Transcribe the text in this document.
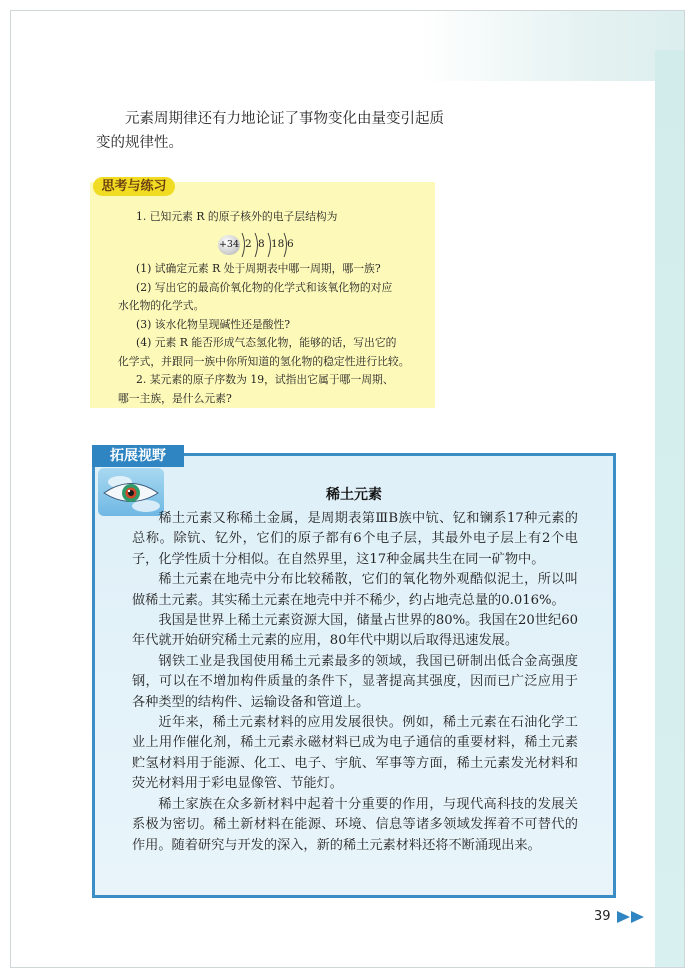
元素周期律还有力地论证了事物变化由量变引起质变的规律性。

思考与练习
1. 已知元素 R 的原子核外的电子层结构为
+34 2 8 18 6
(1) 试确定元素 R 处于周期表中哪一周期，哪一族?
(2) 写出它的最高价氧化物的化学式和该氧化物的对应
水化物的化学式。
(3) 该水化物呈现碱性还是酸性?
(4) 元素 R 能否形成气态氢化物，能够的话，写出它的
化学式，并跟同一族中你所知道的氢化物的稳定性进行比较。
2. 某元素的原子序数为 19，试指出它属于哪一周期、
哪一主族，是什么元素?
拓展视野
稀土元素

稀土元素又称稀土金属，是周期表第ⅢB族中钪、钇和镧系17种元素的总称。除钪、钇外，它们的原子都有6个电子层，其最外电子层上有2个电子，化学性质十分相似。在自然界里，这17种金属共生在同一矿物中。

稀土元素在地壳中分布比较稀散，它们的氧化物外观酷似泥土，所以叫做稀土元素。其实稀土元素在地壳中并不稀少，约占地壳总量的0.016%。

我国是世界上稀土元素资源大国，储量占世界的80%。我国在20世纪60年代就开始研究稀土元素的应用，80年代中期以后取得迅速发展。

钢铁工业是我国使用稀土元素最多的领域，我国已研制出低合金高强度钢，可以在不增加构件质量的条件下，显著提高其强度，因而已广泛应用于各种类型的结构件、运输设备和管道上。

近年来，稀土元素材料的应用发展很快。例如，稀土元素在石油化学工业上用作催化剂，稀土元素永磁材料已成为电子通信的重要材料，稀土元素贮氢材料用于能源、化工、电子、宇航、军事等方面，稀土元素发光材料和荧光材料用于彩电显像管、节能灯。

稀土家族在众多新材料中起着十分重要的作用，与现代高科技的发展关系极为密切。稀土新材料在能源、环境、信息等诸多领域发挥着不可替代的作用。随着研究与开发的深入，新的稀土元素材料还将不断涌现出来。

39
